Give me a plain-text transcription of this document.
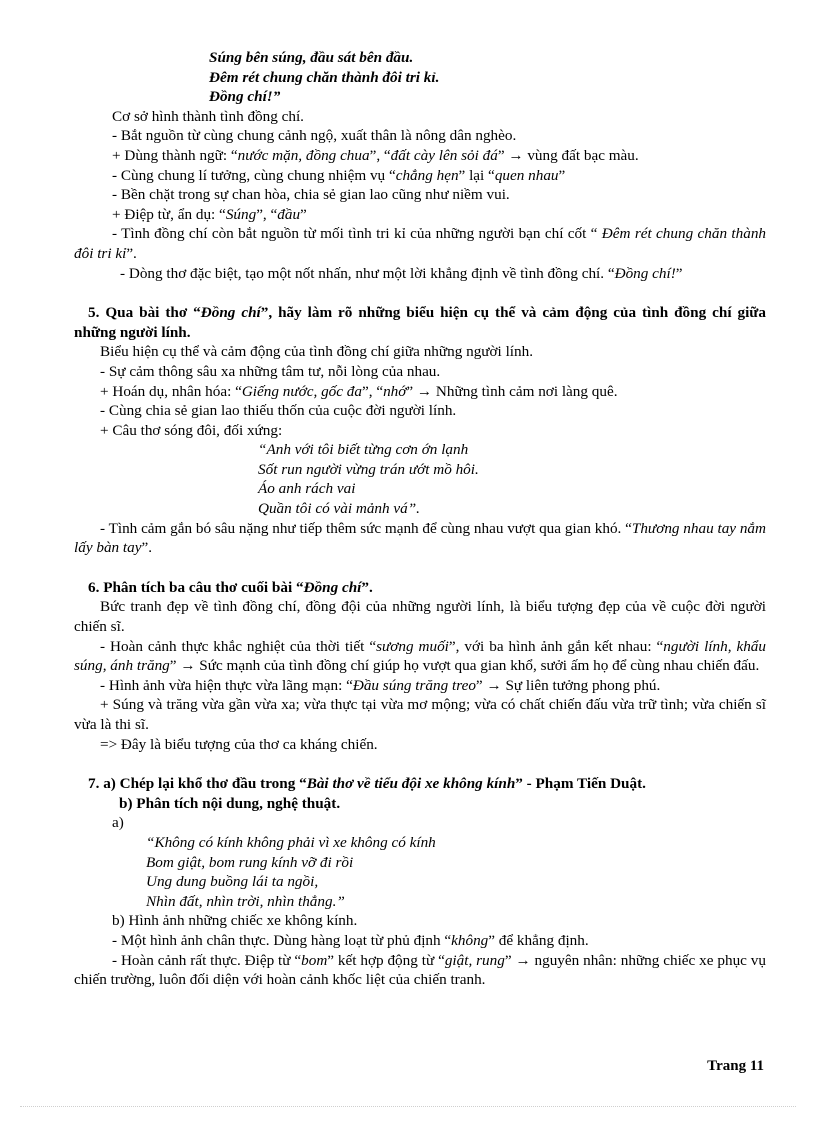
Súng bên súng, đầu sát bên đầu.
Đêm rét chung chăn thành đôi tri kỉ.
Đồng chí!”
Cơ sở hình thành tình đồng chí.
- Bắt nguồn từ cùng chung cảnh ngộ, xuất thân là nông dân nghèo.
+ Dùng thành ngữ: “nước mặn, đồng chua”, “đất cày lên sỏi đá” → vùng đất bạc màu.
- Cùng chung lí tưởng, cùng chung nhiệm vụ “chẳng hẹn” lại “quen nhau”
- Bền chặt trong sự chan hòa, chia sẻ gian lao cũng như niềm vui.
+ Điệp từ, ẩn dụ: “Súng”, “đầu”
- Tình đồng chí còn bắt nguồn từ mối tình tri kỉ của những người bạn chí cốt “ Đêm rét chung chăn thành đôi tri kỉ”.
- Dòng thơ đặc biệt, tạo một nốt nhấn, như một lời khẳng định về tình đồng chí. “Đồng chí!”
5. Qua bài thơ “Đồng chí”, hãy làm rõ những biểu hiện cụ thể và cảm động của tình đồng chí giữa những người lính.
Biểu hiện cụ thể và cảm động của tình đồng chí giữa những người lính.
- Sự cảm thông sâu xa những tâm tư, nỗi lòng của nhau.
+ Hoán dụ, nhân hóa: “Giếng nước, gốc đa”, “nhớ” → Những tình cảm nơi làng quê.
- Cùng chia sẻ gian lao thiếu thốn của cuộc đời người lính.
+ Câu thơ sóng đôi, đối xứng:
“Anh với tôi biết từng cơn ớn lạnh
Sốt run người vừng trán ướt mồ hôi.
Áo anh rách vai
Quần tôi có vài mảnh vá”.
- Tình cảm gắn bó sâu nặng như tiếp thêm sức mạnh để cùng nhau vượt qua gian khó. “Thương nhau tay nắm lấy bàn tay”.
6. Phân tích ba câu thơ cuối bài “Đồng chí”.
Bức tranh đẹp về tình đồng chí, đồng đội của những người lính, là biểu tượng đẹp của về cuộc đời người chiến sĩ.
- Hoàn cảnh thực khắc nghiệt của thời tiết “sương muối”, với ba hình ảnh gắn kết nhau: “người lính, khẩu súng, ánh trăng” → Sức mạnh của tình đồng chí giúp họ vượt qua gian khổ, sưởi ấm họ để cùng nhau chiến đấu.
- Hình ảnh vừa hiện thực vừa lãng mạn: “Đầu súng trăng treo” → Sự liên tưởng phong phú.
+ Súng và trăng vừa gần vừa xa; vừa thực tại vừa mơ mộng; vừa có chất chiến đấu vừa trữ tình; vừa chiến sĩ vừa là thi sĩ.
=> Đây là biểu tượng của thơ ca kháng chiến.
7. a) Chép lại khổ thơ đầu trong “Bài thơ về tiểu đội xe không kính” - Phạm Tiến Duật.
b) Phân tích nội dung, nghệ thuật.
a)
“Không có kính không phải vì xe không có kính
Bom giật, bom rung kính vỡ đi rồi
Ung dung buồng lái ta ngồi,
Nhìn đất, nhìn trời, nhìn thẳng.”
b) Hình ảnh những chiếc xe không kính.
- Một hình ảnh chân thực. Dùng hàng loạt từ phủ định “không” để khẳng định.
- Hoàn cảnh rất thực. Điệp từ “bom” kết hợp động từ “giật, rung” → nguyên nhân: những chiếc xe phục vụ chiến trường, luôn đối diện với hoàn cảnh khốc liệt của chiến tranh.
Trang 11
